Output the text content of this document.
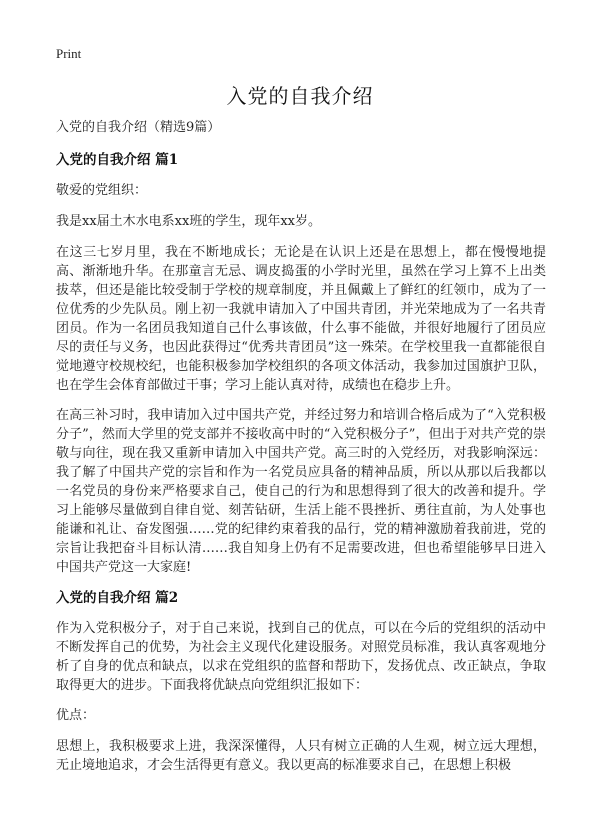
Print
入党的自我介绍
入党的自我介绍（精选9篇）
入党的自我介绍 篇1

敬爱的党组织：

我是xx届土木水电系xx班的学生，现年xx岁。

在这三七岁月里，我在不断地成长；无论是在认识上还是在思想上，都在慢慢地提高、渐渐地升华。在那童言无忌、调皮捣蛋的小学时光里，虽然在学习上算不上出类拔萃，但还是能比较受制于学校的规章制度，并且佩戴上了鲜红的红领巾，成为了一位优秀的少先队员。刚上初一我就申请加入了中国共青团，并光荣地成为了一名共青团员。作为一名团员我知道自己什么事该做，什么事不能做，并很好地履行了团员应尽的责任与义务，也因此获得过“优秀共青团员”这一殊荣。在学校里我一直都能很自觉地遵守校规校纪，也能积极参加学校组织的各项文体活动，我参加过国旗护卫队，也在学生会体育部做过干事；学习上能认真对待，成绩也在稳步上升。

在高三补习时，我申请加入过中国共产党，并经过努力和培训合格后成为了“入党积极分子”，然而大学里的党支部并不接收高中时的“入党积极分子”，但出于对共产党的崇敬与向往，现在我又重新申请加入中国共产党。高三时的入党经历，对我影响深远：我了解了中国共产党的宗旨和作为一名党员应具备的精神品质，所以从那以后我都以一名党员的身份来严格要求自己，使自己的行为和思想得到了很大的改善和提升。学习上能够尽量做到自律自觉、刻苦钻研，生活上能不畏挫折、勇往直前，为人处事也能谦和礼让、奋发图强……党的纪律约束着我的品行，党的精神激励着我前进，党的宗旨让我把奋斗目标认清……我自知身上仍有不足需要改进，但也希望能够早日进入中国共产党这一大家庭!

入党的自我介绍 篇2

作为入党积极分子，对于自己来说，找到自己的优点，可以在今后的党组织的活动中不断发挥自己的优势，为社会主义现代化建设服务。对照党员标准，我认真客观地分析了自身的优点和缺点，以求在党组织的监督和帮助下，发扬优点、改正缺点，争取取得更大的进步。下面我将优缺点向党组织汇报如下：

优点：

思想上，我积极要求上进，我深深懂得，人只有树立正确的人生观，树立远大理想，无止境地追求，才会生活得更有意义。我以更高的标准要求自己，在思想上积极
